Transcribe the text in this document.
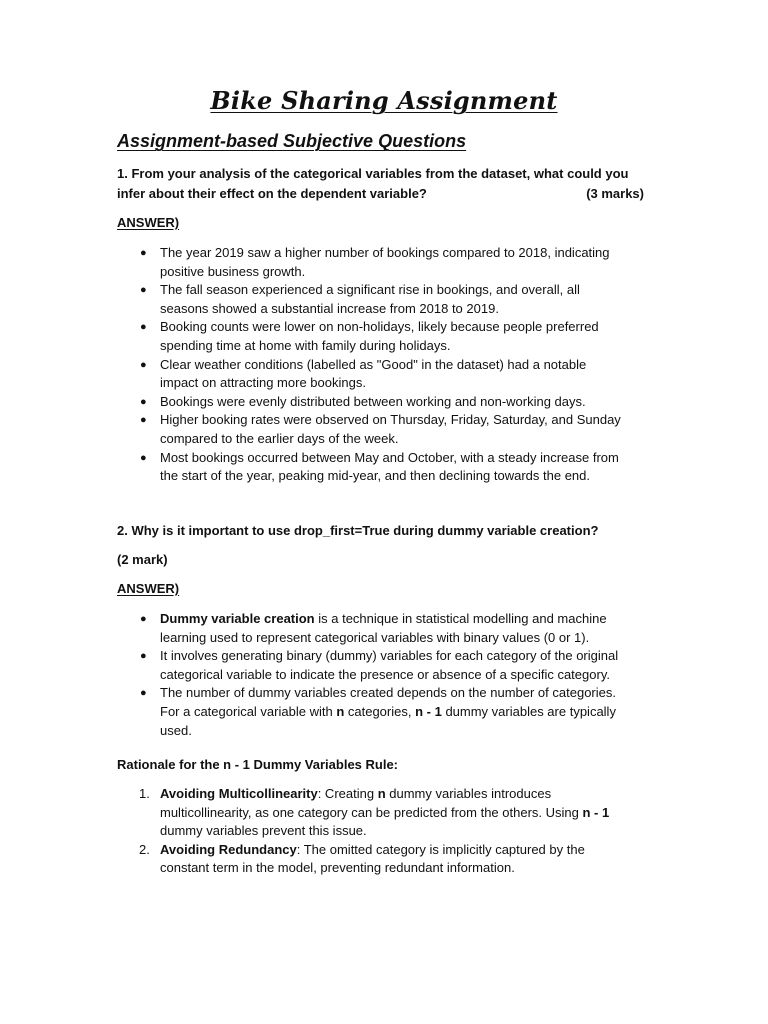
Bike Sharing Assignment
Assignment-based Subjective Questions
1. From your analysis of the categorical variables from the dataset, what could you
infer about their effect on the dependent variable?	(3 marks)
ANSWER)
● The year 2019 saw a higher number of bookings compared to 2018, indicating
positive business growth.
● The fall season experienced a significant rise in bookings, and overall, all
seasons showed a substantial increase from 2018 to 2019.
● Booking counts were lower on non-holidays, likely because people preferred
spending time at home with family during holidays.
● Clear weather conditions (labelled as "Good" in the dataset) had a notable
impact on attracting more bookings.
● Bookings were evenly distributed between working and non-working days.
● Higher booking rates were observed on Thursday, Friday, Saturday, and Sunday
compared to the earlier days of the week.
● Most bookings occurred between May and October, with a steady increase from
the start of the year, peaking mid-year, and then declining towards the end.
2. Why is it important to use drop_first=True during dummy variable creation?
(2 mark)
ANSWER)
● Dummy variable creation is a technique in statistical modelling and machine
learning used to represent categorical variables with binary values (0 or 1).
● It involves generating binary (dummy) variables for each category of the original
categorical variable to indicate the presence or absence of a specific category.
● The number of dummy variables created depends on the number of categories.
For a categorical variable with n categories, n - 1 dummy variables are typically
used.
Rationale for the n - 1 Dummy Variables Rule:
1. Avoiding Multicollinearity: Creating n dummy variables introduces
multicollinearity, as one category can be predicted from the others. Using n - 1
dummy variables prevent this issue.
2. Avoiding Redundancy: The omitted category is implicitly captured by the
constant term in the model, preventing redundant information.
